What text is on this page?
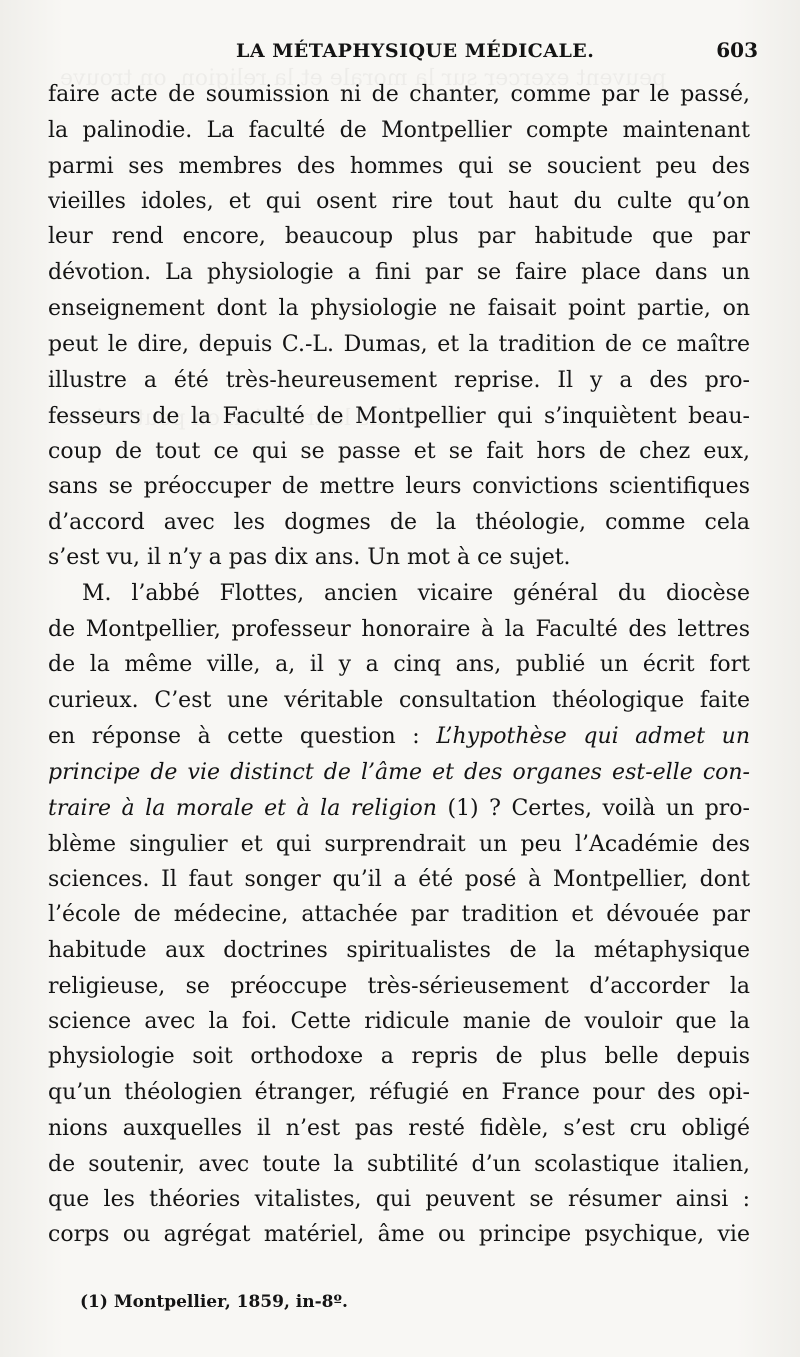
LA MÉTAPHYSIQUE MÉDICALE.	603
faire acte de soumission ni de chanter, comme par le passé,
la palinodie. La faculté de Montpellier compte maintenant
parmi ses membres des hommes qui se soucient peu des
vieilles idoles, et qui osent rire tout haut du culte qu’on
leur rend encore, beaucoup plus par habitude que par
dévotion. La physiologie a fini par se faire place dans un
enseignement dont la physiologie ne faisait point partie, on
peut le dire, depuis C.-L. Dumas, et la tradition de ce maître
illustre a été très-heureusement reprise. Il y a des pro-
fesseurs de la Faculté de Montpellier qui s’inquiètent beau-
coup de tout ce qui se passe et se fait hors de chez eux,
sans se préoccuper de mettre leurs convictions scientifiques
d’accord avec les dogmes de la théologie, comme cela
s’est vu, il n’y a pas dix ans. Un mot à ce sujet.
M. l’abbé Flottes, ancien vicaire général du diocèse
de Montpellier, professeur honoraire à la Faculté des lettres
de la même ville, a, il y a cinq ans, publié un écrit fort
curieux. C’est une véritable consultation théologique faite
en réponse à cette question : L’hypothèse qui admet un
principe de vie distinct de l’âme et des organes est-elle con-
traire à la morale et à la religion (1) ? Certes, voilà un pro-
blème singulier et qui surprendrait un peu l’Académie des
sciences. Il faut songer qu’il a été posé à Montpellier, dont
l’école de médecine, attachée par tradition et dévouée par
habitude aux doctrines spiritualistes de la métaphysique
religieuse, se préoccupe très-sérieusement d’accorder la
science avec la foi. Cette ridicule manie de vouloir que la
physiologie soit orthodoxe a repris de plus belle depuis
qu’un théologien étranger, réfugié en France pour des opi-
nions auxquelles il n’est pas resté fidèle, s’est cru obligé
de soutenir, avec toute la subtilité d’un scolastique italien,
que les théories vitalistes, qui peuvent se résumer ainsi :
corps ou agrégat matériel, âme ou principe psychique, vie
(1) Montpellier, 1859, in-8º.
